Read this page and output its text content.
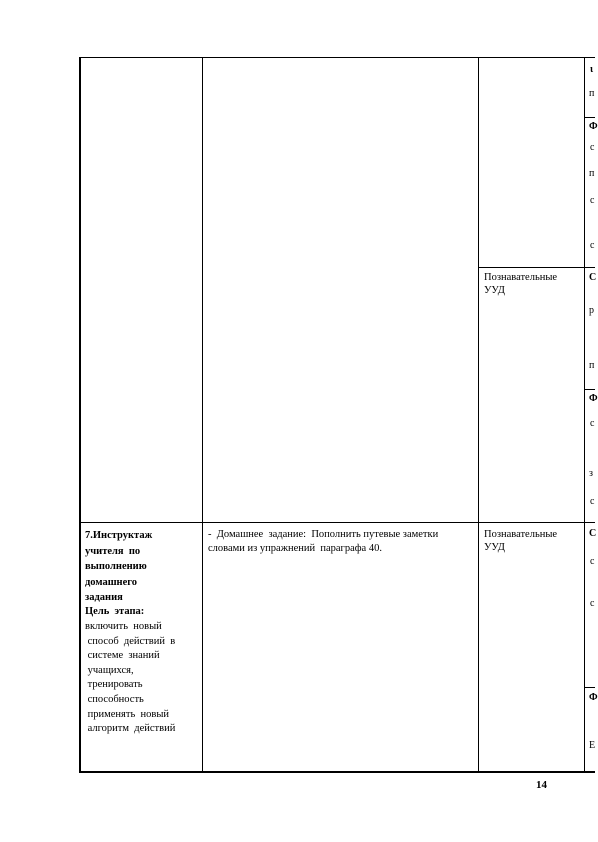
Познавательные
УУД
ι
п
Ф
с
п
с
с
С
р
п
Ф
с
з
с
7.Инструктаж
учителя  по
выполнению
домашнего
задания
Цель  этапа:
включить  новый
способ  действий  в
системе  знаний
учащихся,
тренировать
способность
применять  новый
алгоритм  действий
-  Домашнее  задание:  Пополнить путевые заметки
словами из упражнений  параграфа 40.
Познавательные
УУД
С
с
с
Ф
Е
14
